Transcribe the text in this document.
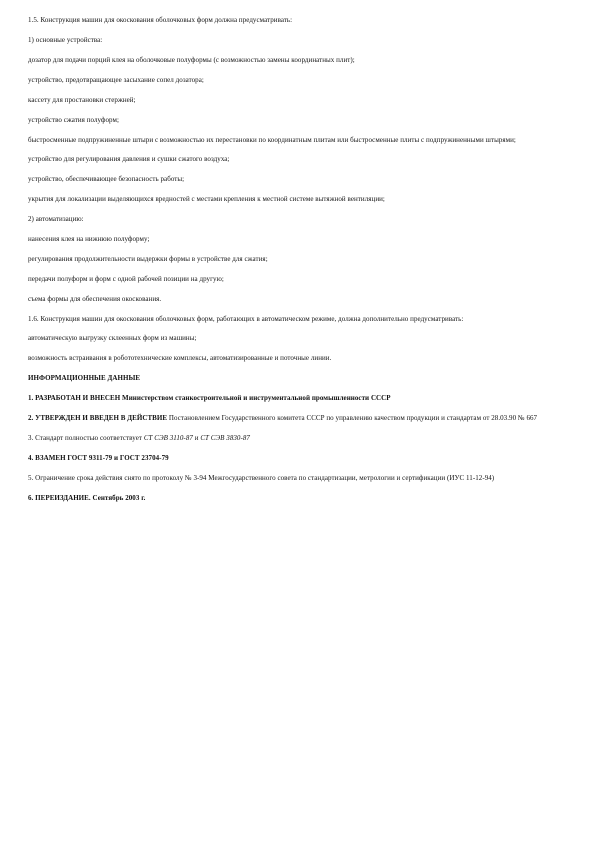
1.5. Конструкция машин для окоскования оболочковых форм должна предусматривать:

1) основные устройства:

дозатор для подачи порций клея на оболочковые полуформы (с возможностью замены координатных плит);

устройство, предотвращающее засыхание сопел дозатора;

кассету для простановки стержней;

устройство сжатия полуформ;

быстросменные подпружиненные штыри с возможностью их перестановки по координатным плитам или быстросменные плиты с подпружиненными штырями;

устройство для регулирования давления и сушки сжатого воздуха;

устройство, обеспечивающее безопасность работы;

укрытия для локализации выделяющихся вредностей с местами крепления к местной системе вытяжной вентиляции;

2) автоматизацию:

нанесения клея на нижнюю полуформу;

регулирования продолжительности выдержки формы в устройстве для сжатия;

передачи полуформ и форм с одной рабочей позиции на другую;

съема формы для обеспечения окоскования.

1.6. Конструкция машин для окоскования оболочковых форм, работающих в автоматическом режиме, должна дополнительно предусматривать:

автоматическую выгрузку склеенных форм из машины;

возможность встраивания в робототехнические комплексы, автоматизированные и поточные линии.

ИНФОРМАЦИОННЫЕ ДАННЫЕ

1. РАЗРАБОТАН И ВНЕСЕН Министерством станкостроительной и инструментальной промышленности СССР

2. УТВЕРЖДЕН И ВВЕДЕН В ДЕЙСТВИЕ Постановлением Государственного комитета СССР по управлению качеством продукции и стандартам от 28.03.90 № 667

3. Стандарт полностью соответствует СТ СЭВ 3110-87 и СТ СЭВ 3830-87

4. ВЗАМЕН ГОСТ 9311-79 и ГОСТ 23704-79

5. Ограничение срока действия снято по протоколу № 3-94 Межгосударственного совета по стандартизации, метрологии и сертификации (ИУС 11-12-94)

6. ПЕРЕИЗДАНИЕ. Сентябрь 2003 г.
